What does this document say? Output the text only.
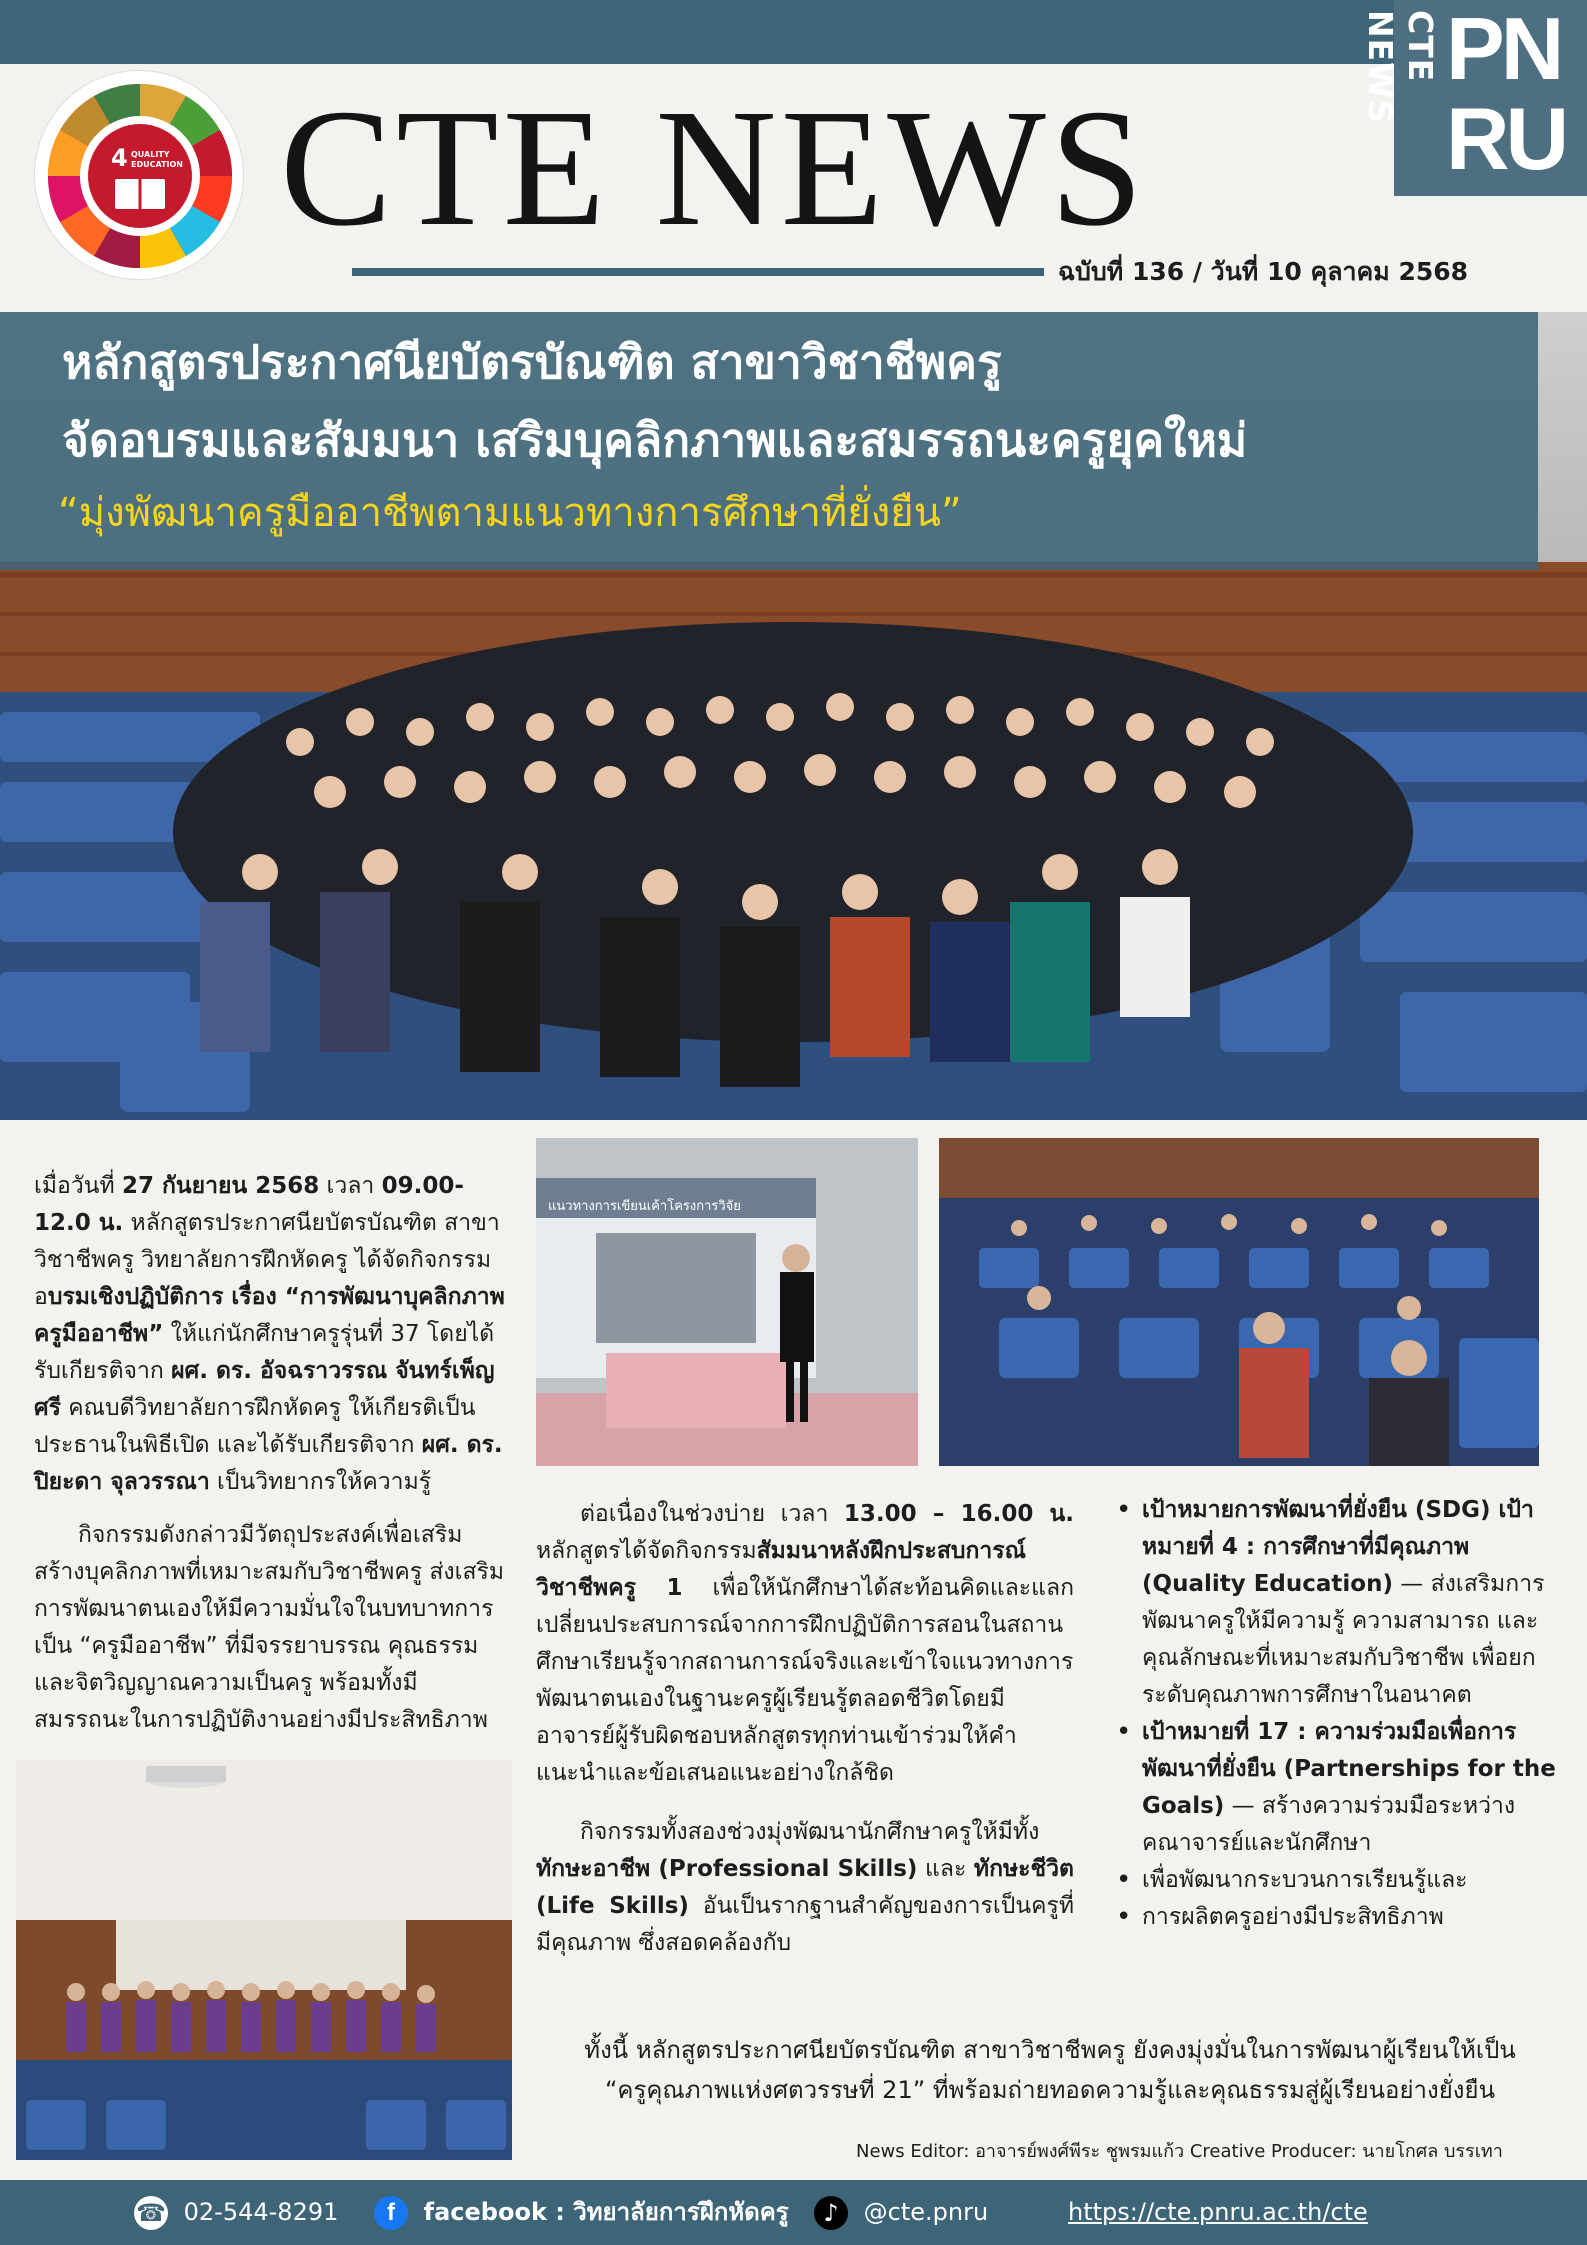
4 QUALITY
EDUCATION CTE NEWS
ฉบับที่ 136 / วันที่ 10 คุลาคม 2568
CTE NEWS PN
RU
หลักสูตรประกาศนียบัตรบัณฑิต สาขาวิชาชีพครู
จัดอบรมและสัมมนา เสริมบุคลิกภาพและสมรรถนะครูยุคใหม่
“มุ่งพัฒนาครูมืออาชีพตามแนวทางการศึกษาที่ยั่งยืน”

เมื่อวันที่ 27 กันยายน 2568 เวลา 09.00-12.0 น. หลักสูตรประกาศนียบัตรบัณฑิต สาขาวิชาชีพครู วิทยาลัยการฝึกหัดครู ได้จัดกิจกรรม อบรมเชิงปฏิบัติการ เรื่อง “การพัฒนาบุคลิกภาพครูมืออาชีพ” ให้แก่นักศึกษาครูรุ่นที่ 37 โดยได้รับเกียรติจาก ผศ. ดร. อัจฉราวรรณ จันทร์เพ็ญศรี คณบดีวิทยาลัยการฝึกหัดครู ให้เกียรติเป็นประธานในพิธีเปิด และได้รับเกียรติจาก ผศ. ดร. ปิยะดา จุลวรรณา เป็นวิทยากรให้ความรู้

กิจกรรมดังกล่าวมีวัตถุประสงค์เพื่อเสริมสร้างบุคลิกภาพที่เหมาะสมกับวิชาชีพครู ส่งเสริมการพัฒนาตนเองให้มีความมั่นใจในบทบาทการเป็น “ครูมืออาชีพ” ที่มีจรรยาบรรณ คุณธรรม และจิตวิญญาณความเป็นครู พร้อมทั้งมีสมรรถนะในการปฏิบัติงานอย่างมีประสิทธิภาพ

แนวทางการเขียนเค้าโครงการวิจัย

ต่อเนื่องในช่วงบ่าย เวลา 13.00 – 16.00 น. หลักสูตรได้จัดกิจกรรมสัมมนาหลังฝึกประสบการณ์วิชาชีพครู 1 เพื่อให้นักศึกษาได้สะท้อนคิดและแลกเปลี่ยนประสบการณ์จากการฝึกปฏิบัติการสอนในสถานศึกษาเรียนรู้จากสถานการณ์จริงและเข้าใจแนวทางการพัฒนาตนเองในฐานะครูผู้เรียนรู้ตลอดชีวิตโดยมีอาจารย์ผู้รับผิดชอบหลักสูตรทุกท่านเข้าร่วมให้คำแนะนำและข้อเสนอแนะอย่างใกล้ชิด

กิจกรรมทั้งสองช่วงมุ่งพัฒนานักศึกษาครูให้มีทั้ง ทักษะอาชีพ (Professional Skills) และ ทักษะชีวิต (Life Skills) อันเป็นรากฐานสำคัญของการเป็นครูที่มีคุณภาพ ซึ่งสอดคล้องกับ

• เป้าหมายการพัฒนาที่ยั่งยืน (SDG) เป้าหมายที่ 4 : การศึกษาที่มีคุณภาพ (Quality Education) — ส่งเสริมการพัฒนาครูให้มีความรู้ ความสามารถ และคุณลักษณะที่เหมาะสมกับวิชาชีพ เพื่อยกระดับคุณภาพการศึกษาในอนาคต
• เป้าหมายที่ 17 : ความร่วมมือเพื่อการพัฒนาที่ยั่งยืน (Partnerships for the Goals) — สร้างความร่วมมือระหว่างคณาจารย์และนักศึกษา
• เพื่อพัฒนากระบวนการเรียนรู้และ
• การผลิตครูอย่างมีประสิทธิภาพ
ทั้งนี้ หลักสูตรประกาศนียบัตรบัณฑิต สาขาวิชาชีพครู ยังคงมุ่งมั่นในการพัฒนาผู้เรียนให้เป็น
“ครูคุณภาพแห่งศตวรรษที่ 21” ที่พร้อมถ่ายทอดความรู้และคุณธรรมสู่ผู้เรียนอย่างยั่งยืน
News Editor: อาจารย์พงศ์พีระ ชูพรมแก้ว Creative Producer: นายโกศล บรรเทา
☎ 02-544-8291	f facebook : วิทยาลัยการฝึกหัดครู	♪ @cte.pnru	https://cte.pnru.ac.th/cte
